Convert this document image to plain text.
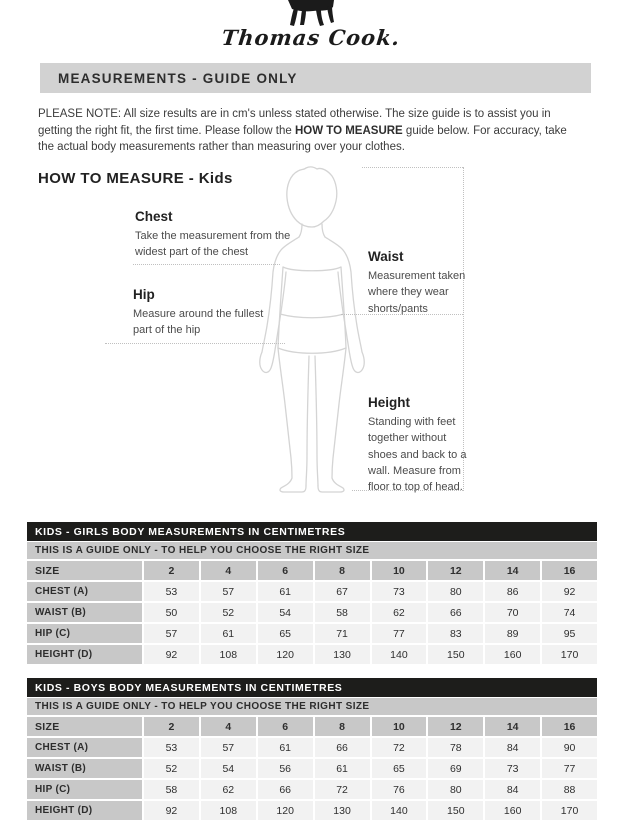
Thomas Cook.
MEASUREMENTS - GUIDE ONLY

PLEASE NOTE: All size results are in cm's unless stated otherwise. The size guide is to assist you in getting the right fit, the first time. Please follow the HOW TO MEASURE guide below. For accuracy, take the actual body measurements rather than measuring over your clothes.

HOW TO MEASURE - Kids
Chest

Take the measurement from the widest part of the chest	Waist

Measurement taken where they wear shorts/pants

Hip

Measure around the fullest part of the hip

Height

Standing with feet together without shoes and back to a wall. Measure from floor to top of head.

KIDS - GIRLS BODY MEASUREMENTS IN CENTIMETRES
THIS IS A GUIDE ONLY - TO HELP YOU CHOOSE THE RIGHT SIZE
SIZE	2	4	6	8	10	12	14	16
CHEST (A)	53	57	61	67	73	80	86	92
WAIST (B)	50	52	54	58	62	66	70	74
HIP (C)	57	61	65	71	77	83	89	95
HEIGHT (D)	92	108	120	130	140	150	160	170
KIDS - BOYS BODY MEASUREMENTS IN CENTIMETRES
THIS IS A GUIDE ONLY - TO HELP YOU CHOOSE THE RIGHT SIZE
SIZE	2	4	6	8	10	12	14	16
CHEST (A)	53	57	61	66	72	78	84	90
WAIST (B)	52	54	56	61	65	69	73	77
HIP (C)	58	62	66	72	76	80	84	88
HEIGHT (D)	92	108	120	130	140	150	160	170
